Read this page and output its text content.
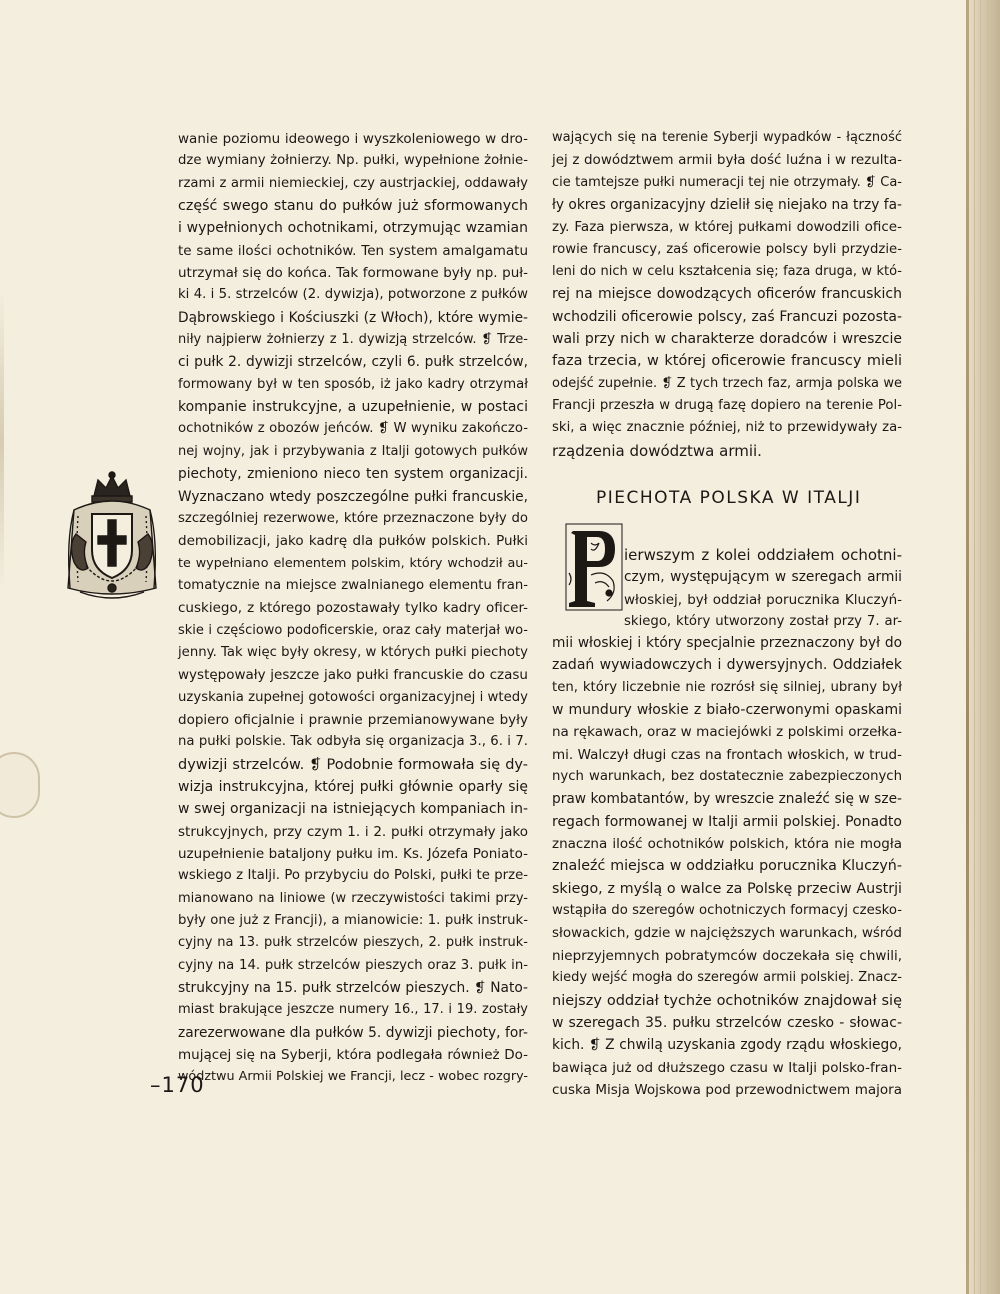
wanie poziomu ideowego i wyszkoleniowego w dro-
dze wymiany żołnierzy. Np. pułki, wypełnione żołnie-
rzami z armii niemieckiej, czy austrjackiej, oddawały
część swego stanu do pułków już sformowanych
i wypełnionych ochotnikami, otrzymując wzamian
te same ilości ochotników. Ten system amalgamatu
utrzymał się do końca. Tak formowane były np. puł-
ki 4. i 5. strzelców (2. dywizja), potworzone z pułków
Dąbrowskiego i Kościuszki (z Włoch), które wymie-
niły najpierw żołnierzy z 1. dywizją strzelców. ❡ Trze-
ci pułk 2. dywizji strzelców, czyli 6. pułk strzelców,
formowany był w ten sposób, iż jako kadry otrzymał
kompanie instrukcyjne, a uzupełnienie, w postaci
ochotników z obozów jeńców. ❡ W wyniku zakończo-
nej wojny, jak i przybywania z Italji gotowych pułków
piechoty, zmieniono nieco ten system organizacji.
Wyznaczano wtedy poszczególne pułki francuskie,
szczególniej rezerwowe, które przeznaczone były do
demobilizacji, jako kadrę dla pułków polskich. Pułki
te wypełniano elementem polskim, który wchodził au-
tomatycznie na miejsce zwalnianego elementu fran-
cuskiego, z którego pozostawały tylko kadry oficer-
skie i częściowo podoficerskie, oraz cały materjał wo-
jenny. Tak więc były okresy, w których pułki piechoty
występowały jeszcze jako pułki francuskie do czasu
uzyskania zupełnej gotowości organizacyjnej i wtedy
dopiero oficjalnie i prawnie przemianowywane były
na pułki polskie. Tak odbyła się organizacja 3., 6. i 7.
dywizji strzelców. ❡ Podobnie formowała się dy-
wizja instrukcyjna, której pułki głównie oparły się
w swej organizacji na istniejących kompaniach in-
strukcyjnych, przy czym 1. i 2. pułki otrzymały jako
uzupełnienie bataljony pułku im. Ks. Józefa Poniato-
wskiego z Italji. Po przybyciu do Polski, pułki te prze-
mianowano na liniowe (w rzeczywistości takimi przy-
były one już z Francji), a mianowicie: 1. pułk instruk-
cyjny na 13. pułk strzelców pieszych, 2. pułk instruk-
cyjny na 14. pułk strzelców pieszych oraz 3. pułk in-
strukcyjny na 15. pułk strzelców pieszych. ❡ Nato-
miast brakujące jeszcze numery 16., 17. i 19. zostały
zarezerwowane dla pułków 5. dywizji piechoty, for-
mującej się na Syberji, która podlegała również Do-
wództwu Armii Polskiej we Francji, lecz - wobec rozgry-
wających się na terenie Syberji wypadków - łączność
jej z dowództwem armii była dość luźna i w rezulta-
cie tamtejsze pułki numeracji tej nie otrzymały. ❡ Ca-
ły okres organizacyjny dzielił się niejako na trzy fa-
zy. Faza pierwsza, w której pułkami dowodzili ofice-
rowie francuscy, zaś oficerowie polscy byli przydzie-
leni do nich w celu kształcenia się; faza druga, w któ-
rej na miejsce dowodzących oficerów francuskich
wchodzili oficerowie polscy, zaś Francuzi pozosta-
wali przy nich w charakterze doradców i wreszcie
faza trzecia, w której oficerowie francuscy mieli
odejść zupełnie. ❡ Z tych trzech faz, armja polska we
Francji przeszła w drugą fazę dopiero na terenie Pol-
ski, a więc znacznie później, niż to przewidywały za-
rządzenia dowództwa armii.
PIECHOTA POLSKA W ITALJI
ierwszym z kolei oddziałem ochotni-
czym, występującym w szeregach armii
włoskiej, był oddział porucznika Kluczyń-
skiego, który utworzony został przy 7. ar-
mii włoskiej i który specjalnie przeznaczony był do
zadań wywiadowczych i dywersyjnych. Oddziałek
ten, który liczebnie nie rozrósł się silniej, ubrany był
w mundury włoskie z biało-czerwonymi opaskami
na rękawach, oraz w maciejówki z polskimi orzełka-
mi. Walczył długi czas na frontach włoskich, w trud-
nych warunkach, bez dostatecznie zabezpieczonych
praw kombatantów, by wreszcie znaleźć się w sze-
regach formowanej w Italji armii polskiej. Ponadto
znaczna ilość ochotników polskich, która nie mogła
znaleźć miejsca w oddziałku porucznika Kluczyń-
skiego, z myślą o walce za Polskę przeciw Austrji
wstąpiła do szeregów ochotniczych formacyj czesko-
słowackich, gdzie w najcięższych warunkach, wśród
nieprzyjemnych pobratymców doczekała się chwili,
kiedy wejść mogła do szeregów armii polskiej. Znacz-
niejszy oddział tychże ochotników znajdował się
w szeregach 35. pułku strzelców czesko - słowac-
kich. ❡ Z chwilą uzyskania zgody rządu włoskiego,
bawiąca już od dłuższego czasu w Italji polsko-fran-
cuska Misja Wojskowa pod przewodnictwem majora
–170
